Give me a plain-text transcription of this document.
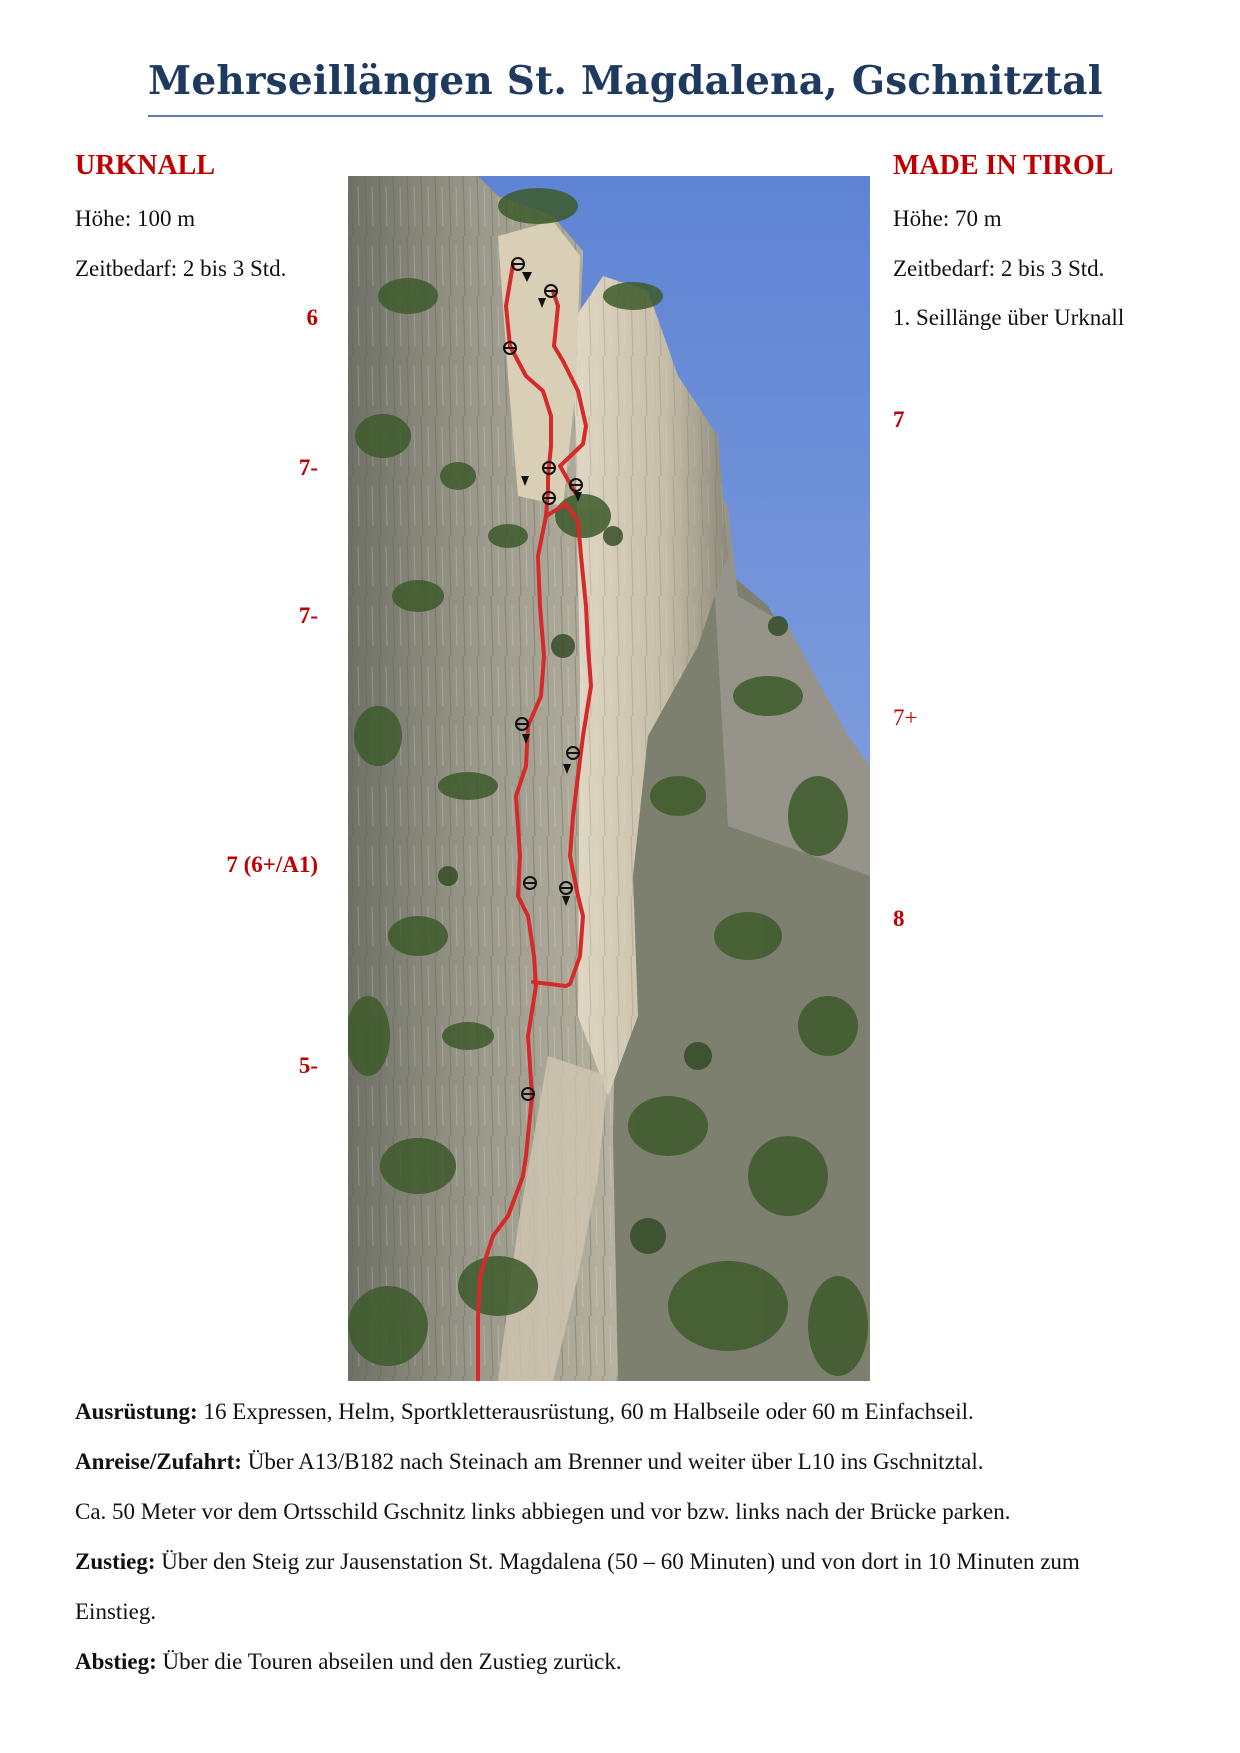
Mehrseillängen St. Magdalena, Gschnitztal
URKNALL
Höhe: 100 m
Zeitbedarf: 2 bis 3 Std.
6
7-
7-
7 (6+/A1)
5-
MADE IN TIROL
Höhe: 70 m
Zeitbedarf: 2 bis 3 Std.
1. Seillänge über Urknall
7
7+
8
Ausrüstung: 16 Expressen, Helm, Sportkletterausrüstung, 60 m Halbseile oder 60 m Einfachseil.
Anreise/Zufahrt: Über A13/B182 nach Steinach am Brenner und weiter über L10 ins Gschnitztal.
Ca. 50 Meter vor dem Ortsschild Gschnitz links abbiegen und vor bzw. links nach der Brücke parken.
Zustieg: Über den Steig zur Jausenstation St. Magdalena (50 – 60 Minuten) und von dort in 10 Minuten zum
Einstieg.
Abstieg: Über die Touren abseilen und den Zustieg zurück.
